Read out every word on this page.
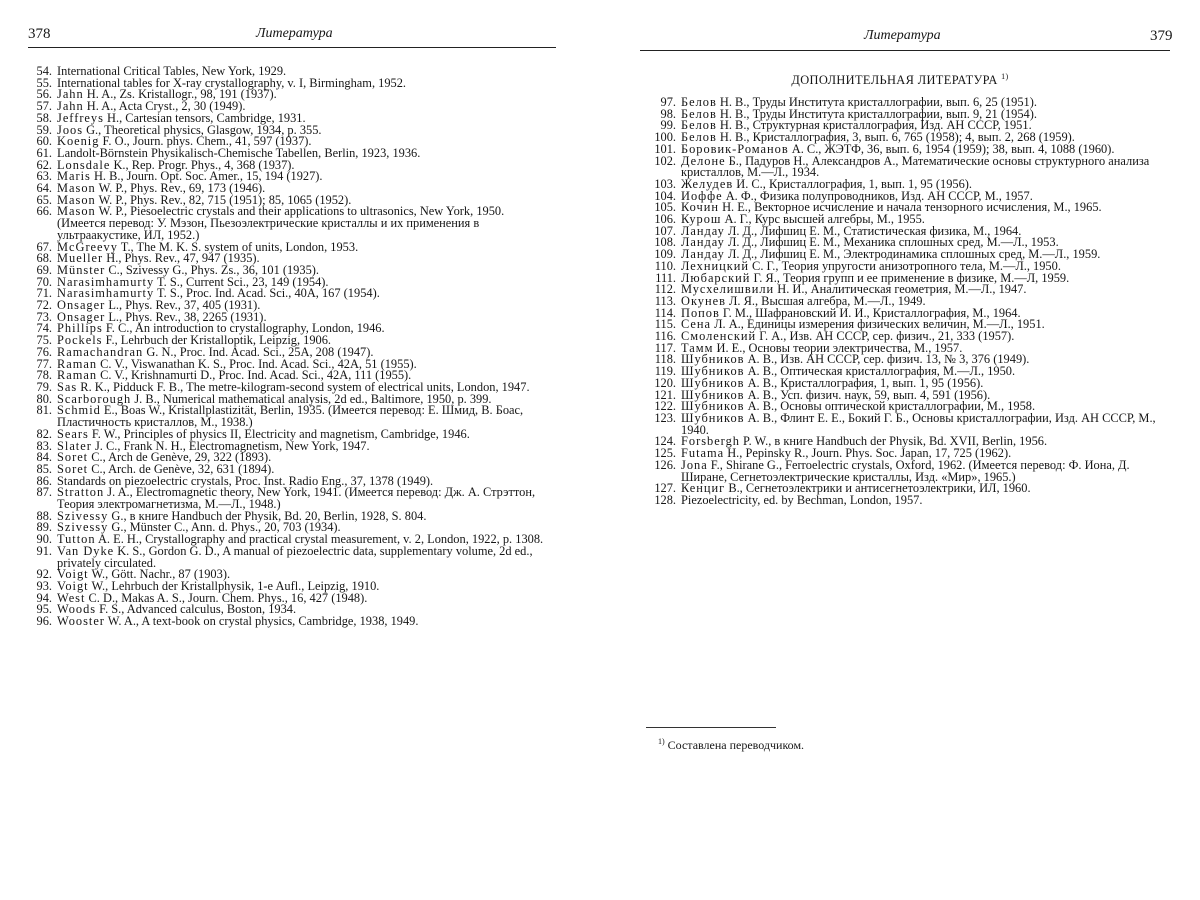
378	Литература
54. International Critical Tables, New York, 1929.
55. International tables for X-ray crystallography, v. I, Birmingham, 1952.
56. Jahn H. A., Zs. Kristallogr., 98, 191 (1937).
57. Jahn H. A., Acta Cryst., 2, 30 (1949).
58. Jeffreys H., Cartesian tensors, Cambridge, 1931.
59. Joos G., Theoretical physics, Glasgow, 1934, p. 355.
60. Koenig F. O., Journ. phys. Chem., 41, 597 (1937).
61. Landolt-Börnstein Physikalisch-Chemische Tabellen, Berlin, 1923, 1936.
62. Lonsdale K., Rep. Progr. Phys., 4, 368 (1937).
63. Maris H. B., Journ. Opt. Soc. Amer., 15, 194 (1927).
64. Mason W. P., Phys. Rev., 69, 173 (1946).
65. Mason W. P., Phys. Rev., 82, 715 (1951); 85, 1065 (1952).
66. Mason W. P., Piesoelectric crystals and their applications to ultrasonics, New York, 1950. (Имеется перевод: У. Мэзон, Пьезоэлектрические кристаллы и их применения в ультраакустике, ИЛ, 1952.)
67. McGreevy T., The M. K. S. system of units, London, 1953.
68. Mueller H., Phys. Rev., 47, 947 (1935).
69. Münster C., Szivessy G., Phys. Zs., 36, 101 (1935).
70. Narasimhamurty T. S., Current Sci., 23, 149 (1954).
71. Narasimhamurty T. S., Proc. Ind. Acad. Sci., 40A, 167 (1954).
72. Onsager L., Phys. Rev., 37, 405 (1931).
73. Onsager L., Phys. Rev., 38, 2265 (1931).
74. Phillips F. C., An introduction to crystallography, London, 1946.
75. Pockels F., Lehrbuch der Kristalloptik, Leipzig, 1906.
76. Ramachandran G. N., Proc. Ind. Acad. Sci., 25A, 208 (1947).
77. Raman C. V., Viswanathan K. S., Proc. Ind. Acad. Sci., 42A, 51 (1955).
78. Raman C. V., Krishnamurti D., Proc. Ind. Acad. Sci., 42A, 111 (1955).
79. Sas R. K., Pidduck F. B., The metre-kilogram-second system of electrical units, London, 1947.
80. Scarborough J. B., Numerical mathematical analysis, 2d ed., Baltimore, 1950, p. 399.
81. Schmid E., Boas W., Kristallplastizität, Berlin, 1935. (Имеется перевод: Е. Шмид, В. Боас, Пластичность кристаллов, М., 1938.)
82. Sears F. W., Principles of physics II, Electricity and magnetism, Cambridge, 1946.
83. Slater J. C., Frank N. H., Electromagnetism, New York, 1947.
84. Soret C., Arch de Genève, 29, 322 (1893).
85. Soret C., Arch. de Genève, 32, 631 (1894).
86. Standards on piezoelectric crystals, Proc. Inst. Radio Eng., 37, 1378 (1949).
87. Stratton J. A., Electromagnetic theory, New York, 1941. (Имеется перевод: Дж. А. Стрэттон, Теория электромагнетизма, М.—Л., 1948.)
88. Szivessy G., в книге Handbuch der Physik, Bd. 20, Berlin, 1928, S. 804.
89. Szivessy G., Münster C., Ann. d. Phys., 20, 703 (1934).
90. Tutton A. E. H., Crystallography and practical crystal measurement, v. 2, London, 1922, p. 1308.
91. Van Dyke K. S., Gordon G. D., A manual of piezoelectric data, supplementary volume, 2d ed., privately circulated.
92. Voigt W., Gött. Nachr., 87 (1903).
93. Voigt W., Lehrbuch der Kristallphysik, 1-e Aufl., Leipzig, 1910.
94. West C. D., Makas A. S., Journ. Chem. Phys., 16, 427 (1948).
95. Woods F. S., Advanced calculus, Boston, 1934.
96. Wooster W. A., A text-book on crystal physics, Cambridge, 1938, 1949.
Литература	379
ДОПОЛНИТЕЛЬНАЯ ЛИТЕРАТУРА $^{1)}$
97. Белов Н. В., Труды Института кристаллографии, вып. 6, 25 (1951).
98. Белов Н. В., Труды Института кристаллографии, вып. 9, 21 (1954).
99. Белов Н. В., Структурная кристаллография, Изд. АН СССР, 1951.
100. Белов Н. В., Кристаллография, 3, вып. 6, 765 (1958); 4, вып. 2, 268 (1959).
101. Боровик-Романов А. С., ЖЭТФ, 36, вып. 6, 1954 (1959); 38, вып. 4, 1088 (1960).
102. Делоне Б., Падуров Н., Александров А., Математические основы структурного анализа кристаллов, М.—Л., 1934.
103. Желудев И. С., Кристаллография, 1, вып. 1, 95 (1956).
104. Иоффе А. Ф., Физика полупроводников, Изд. АН СССР, М., 1957.
105. Кочин Н. Е., Векторное исчисление и начала тензорного исчисления, М., 1965.
106. Курош А. Г., Курс высшей алгебры, М., 1955.
107. Ландау Л. Д., Лифшиц Е. М., Статистическая физика, М., 1964.
108. Ландау Л. Д., Лифшиц Е. М., Механика сплошных сред, М.—Л., 1953.
109. Ландау Л. Д., Лифшиц Е. М., Электродинамика сплошных сред, М.—Л., 1959.
110. Лехницкий С. Г., Теория упругости анизотропного тела, М.—Л., 1950.
111. Любарский Г. Я., Теория групп и ее применение в физике, М.—Л, 1959.
112. Мусхелишвили Н. И., Аналитическая геометрия, М.—Л., 1947.
113. Окунев Л. Я., Высшая алгебра, М.—Л., 1949.
114. Попов Г. М., Шафрановский И. И., Кристаллография, М., 1964.
115. Сена Л. А., Единицы измерения физических величин, М.—Л., 1951.
116. Смоленский Г. А., Изв. АН СССР, сер. физич., 21, 333 (1957).
117. Тамм И. Е., Основы теории электричества, М., 1957.
118. Шубников А. В., Изв. АН СССР, сер. физич. 13, № 3, 376 (1949).
119. Шубников А. В., Оптическая кристаллография, М.—Л., 1950.
120. Шубников А. В., Кристаллография, 1, вып. 1, 95 (1956).
121. Шубников А. В., Усп. физич. наук, 59, вып. 4, 591 (1956).
122. Шубников А. В., Основы оптической кристаллографии, М., 1958.
123. Шубников А. В., Флинт Е. Е., Бокий Г. Б., Основы кристаллографии, Изд. АН СССР, М., 1940.
124. Forsbergh P. W., в книге Handbuch der Physik, Bd. XVII, Berlin, 1956.
125. Futama H., Pepinsky R., Journ. Phys. Soc. Japan, 17, 725 (1962).
126. Jona F., Shirane G., Ferroelectric crystals, Oxford, 1962. (Имеется перевод: Ф. Иона, Д. Ширане, Сегнетоэлектрические кристаллы, Изд. «Мир», 1965.)
127. Кенциг В., Сегнетоэлектрики и антисегнетоэлектрики, ИЛ, 1960.
128. Piezoelectricity, ed. by Bechman, London, 1957.
$^{1)}$ Составлена переводчиком.
